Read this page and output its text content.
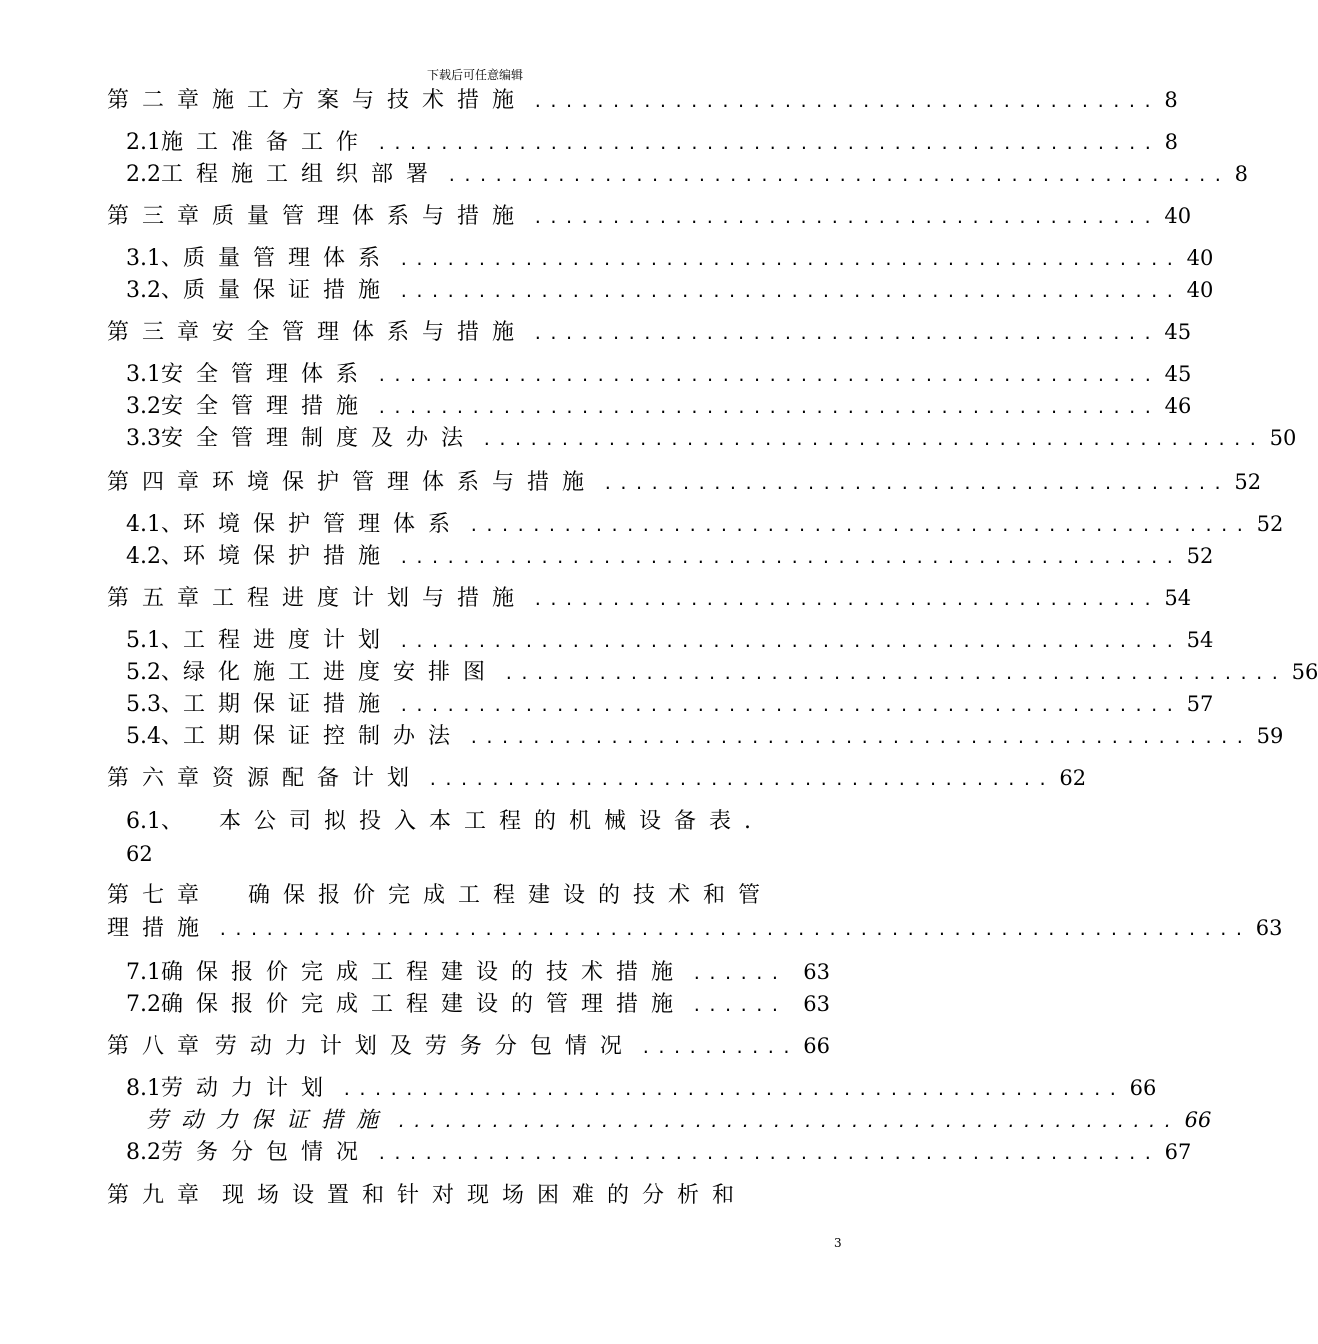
下载后可任意编辑
第二章 施工方案与技术措施 ........................................ 8
2.1 施工准备工作 .................................................. 8
2.2 工程施工组织部署 .................................................. 8
第三章 质量管理体系与措施 ........................................ 40
3.1、 质量管理体系 .................................................. 40
3.2、 质量保证措施 .................................................. 40
第三章 安全管理体系与措施 ........................................ 45
3.1 安全管理体系 .................................................. 45
3.2 安全管理措施 .................................................. 46
3.3 安全管理制度及办法 .................................................. 50
第四章 环境保护管理体系与措施 ........................................ 52
4.1、 环境保护管理体系 .................................................. 52
4.2、 环境保护措施 .................................................. 52
第五章 工程进度计划与措施 ........................................ 54
5.1、 工程进度计划 .................................................. 54
5.2、 绿化施工进度安排图 .................................................. 56
5.3、 工期保证措施 .................................................. 57
5.4、 工期保证控制办法 .................................................. 59
第六章 资源配备计划 ........................................ 62
6.1、 本公司拟投入本工程的机械设备表 .
62
第七章 确保报价完成工程建设的技术和管
理措施 .................................................................. 63
7.1 确保报价完成工程建设的技术措施 ...... 63
7.2 确保报价完成工程建设的管理措施 ...... 63
第八章 劳动力计划及劳务分包情况 .......... 66
8.1 劳动力计划 .................................................. 66
劳动力保证措施 .................................................. 66
8.2 劳务分包情况 .................................................. 67
第九章 现场设置和针对现场困难的分析和
3
